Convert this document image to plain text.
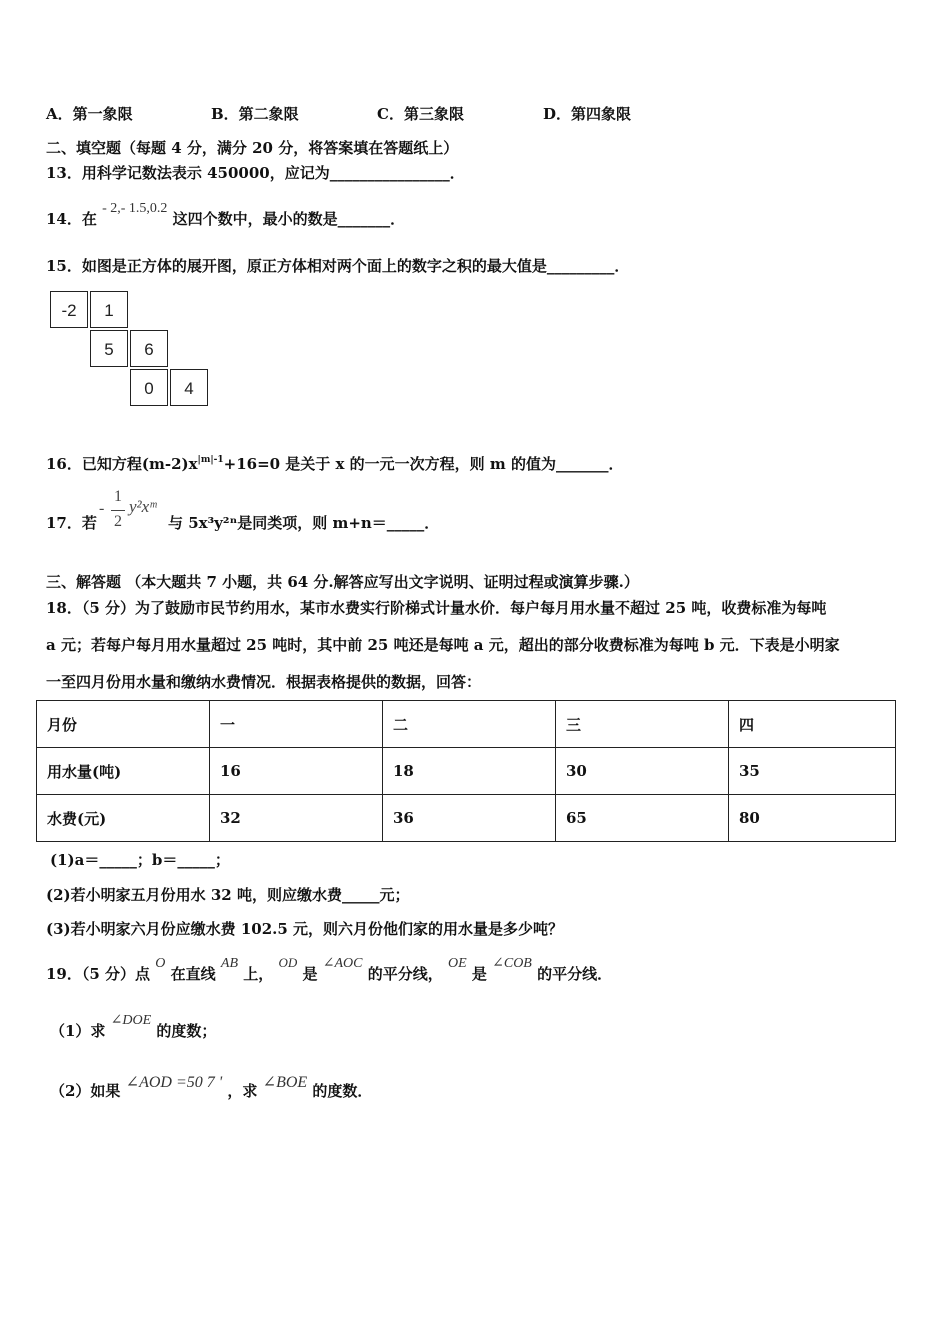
A．第一象限	B．第二象限	C．第三象限	D．第四象限
二、填空题（每题 4 分，满分 20 分，将答案填在答题纸上）
13．用科学记数法表示 450000，应记为________________．
14．在 - 2,- 1.5,0.2 这四个数中，最小的数是_______．
15．如图是正方体的展开图，原正方体相对两个面上的数字之积的最大值是_________．
-2	1
5	6
0	4
16．已知方程$(m-2)x^{|m|-1}+16=0$ 是关于 x 的一元一次方程，则 m 的值为_______．
17．若
-
1
2
y²xᵐ
与 5x³y²ⁿ是同类项，则 m+n＝_____．
三、解答题 （本大题共 7 小题，共 64 分.解答应写出文字说明、证明过程或演算步骤.）
18．（5 分）为了鼓励市民节约用水，某市水费实行阶梯式计量水价．每户每月用水量不超过 25 吨，收费标准为每吨
a 元；若每户每月用水量超过 25 吨时，其中前 25 吨还是每吨 a 元，超出的部分收费标准为每吨 b 元．下表是小明家
一至四月份用水量和缴纳水费情况．根据表格提供的数据，回答：
月份	一	二	三	四
用水量(吨)	16	18	30	35
水费(元)	32	36	65	80
(1)a＝_____；b＝_____；
(2)若小明家五月份用水 32 吨，则应缴水费_____元；
(3)若小明家六月份应缴水费 102.5 元，则六月份他们家的用水量是多少吨？
19．（5 分）点 O 在直线 AB 上， OD 是 ∠AOC 的平分线， OE 是 ∠COB 的平分线．
（1）求 ∠DOE 的度数；
（2）如果 ∠AOD =50 7 ' ，求 ∠BOE 的度数．
